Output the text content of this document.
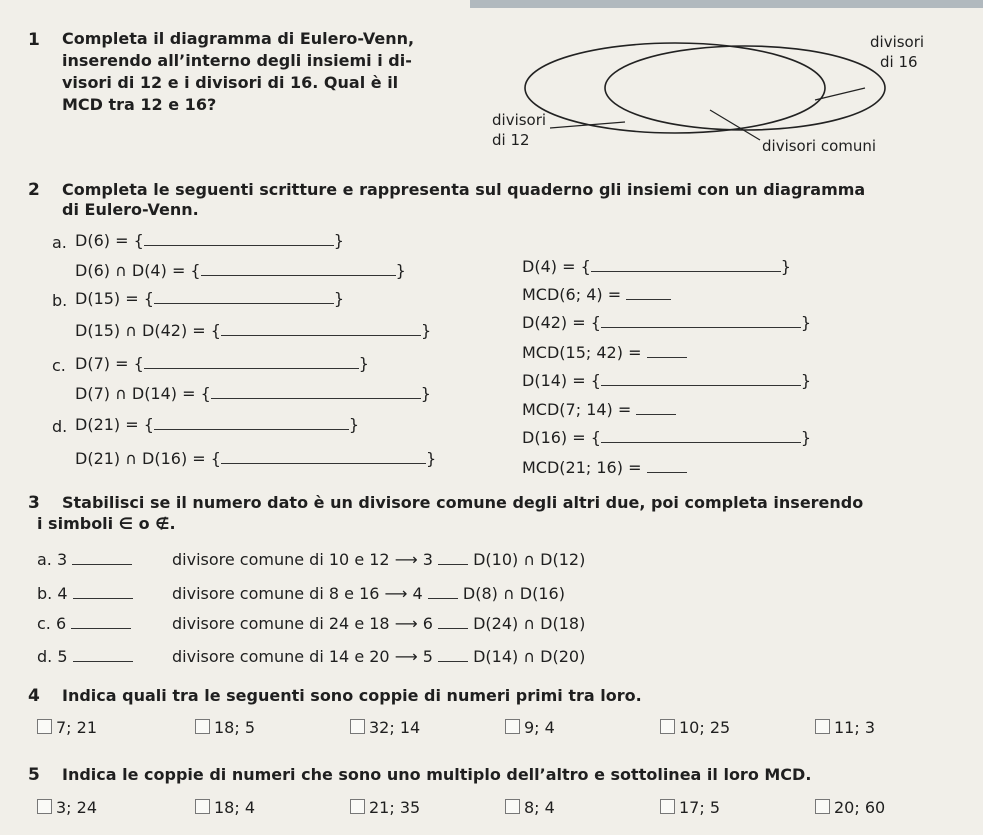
1 Completa il diagramma di Eulero-Venn,
inserendo all’interno degli insiemi i di-
visori di 12 e i divisori di 16. Qual è il
MCD tra 12 e 16?
divisori
di 16
divisori
di 12	divisori comuni
2 Completa le seguenti scritture e rappresenta sul quaderno gli insiemi con un diagramma
di Eulero-Venn.
a. D(6) = {	}
D(6) ∩ D(4) = {	}	D(4) = {	}
MCD(6; 4) =
b. D(15) = {	}
D(15) ∩ D(42) = {	}	D(42) = {	}
MCD(15; 42) =
c. D(7) = {	}
D(7) ∩ D(14) = {	}
D(14) = {	}
MCD(7; 14) =
d. D(21) = {	}
D(21) ∩ D(16) = {	}
D(16) = {	}
MCD(21; 16) =
3 Stabilisci se il numero dato è un divisore comune degli altri due, poi completa inserendo
i simboli ∈ o ∉.
a. 3	divisore comune di 10 e 12 ⟶ 3	D(10) ∩ D(12)
b. 4	divisore comune di 8 e 16 ⟶ 4	D(8) ∩ D(16)
c. 6	divisore comune di 24 e 18 ⟶ 6	D(24) ∩ D(18)
d. 5	divisore comune di 14 e 20 ⟶ 5	D(14) ∩ D(20)
4 Indica quali tra le seguenti sono coppie di numeri primi tra loro.
7; 21	18; 5	32; 14	9; 4	10; 25	11; 3
5 Indica le coppie di numeri che sono uno multiplo dell’altro e sottolinea il loro MCD.
3; 24	18; 4	21; 35	8; 4	17; 5	20; 60
